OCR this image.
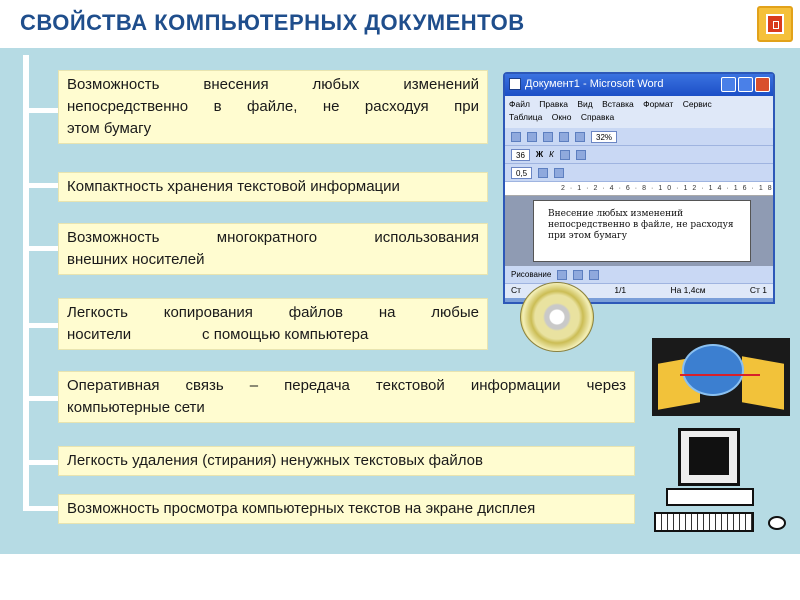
СВОЙСТВА КОМПЬЮТЕРНЫХ ДОКУМЕНТОВ
Возможность внесения любых изменений
непосредственно в файле, не расходуя при
этом бумагу
Компактность хранения текстовой информации
Возможность многократного использования
внешних носителей
Легкость копирования файлов на любые
носители                 с помощью компьютера
Оперативная связь – передача текстовой информации через
компьютерные сети
Легкость удаления (стирания) ненужных текстовых файлов
Возможность просмотра компьютерных текстов на экране дисплея
Документ1 - Microsoft Word
Файл Правка Вид Вставка Формат Сервис
Таблица Окно Справка
32%
36	Ж К
0,5
2·1·2·4·6·8·10·12·14·16·18
Внесение любых изменений непосредственно в файле, не расходуя при этом бумагу
Рисование
Ст	1/1	На 1,4см	Ст 1
